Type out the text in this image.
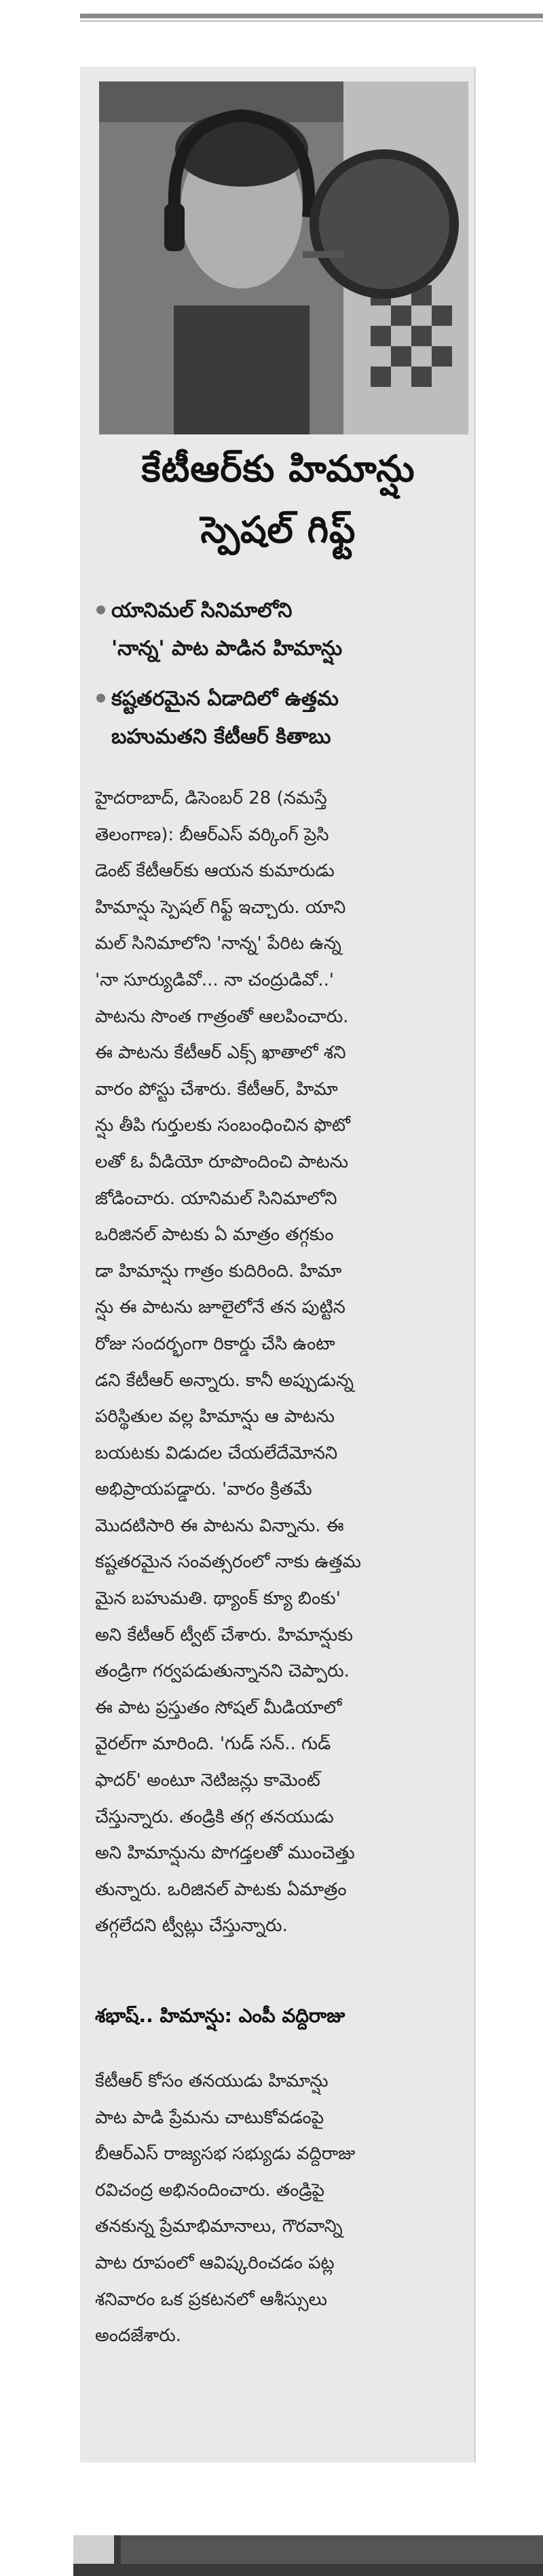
కేటీఆర్‌కు హిమాన్షు
స్పెషల్ గిఫ్ట్
యానిమల్ సినిమాలోని
'నాన్న' పాట పాడిన హిమాన్షు
కష్టతరమైన ఏడాదిలో ఉత్తమ
బహుమతని కేటీఆర్ కితాబు

హైదరాబాద్, డిసెంబర్ 28 (నమస్తే

తెలంగాణ): బీఆర్‌ఎస్ వర్కింగ్ ప్రెసి

డెంట్ కేటీఆర్‌కు ఆయన కుమారుడు

హిమాన్షు స్పెషల్ గిఫ్ట్ ఇచ్చారు. యాని

మల్ సినిమాలోని 'నాన్న' పేరిట ఉన్న

'నా సూర్యుడివో... నా చంద్రుడివో..'

పాటను సొంత గాత్రంతో ఆలపించారు.

ఈ పాటను కేటీఆర్ ఎక్స్ ఖాతాలో శని

వారం పోస్టు చేశారు. కేటీఆర్, హిమా

న్షు తీపి గుర్తులకు సంబంధించిన ఫొటో

లతో ఓ వీడియో రూపొందించి పాటను

జోడించారు. యానిమల్ సినిమాలోని

ఒరిజినల్ పాటకు ఏ మాత్రం తగ్గకుం

డా హిమాన్షు గాత్రం కుదిరింది. హిమా

న్షు ఈ పాటను జూలైలోనే తన పుట్టిన

రోజు సందర్భంగా రికార్డు చేసి ఉంటా

డని కేటీఆర్ అన్నారు. కానీ అప్పుడున్న

పరిస్థితుల వల్ల హిమాన్షు ఆ పాటను

బయటకు విడుదల చేయలేదేమోనని

అభిప్రాయపడ్డారు. 'వారం క్రితమే

మొదటిసారి ఈ పాటను విన్నాను. ఈ

కష్టతరమైన సంవత్సరంలో నాకు ఉత్తమ

మైన బహుమతి. థ్యాంక్ క్యూ బింకు'

అని కేటీఆర్ ట్వీట్ చేశారు. హిమాన్షుకు

తండ్రిగా గర్వపడుతున్నానని చెప్పారు.

ఈ పాట ప్రస్తుతం సోషల్ మీడియాలో

వైరల్‌గా మారింది. 'గుడ్ సన్.. గుడ్

ఫాదర్' అంటూ నెటిజన్లు కామెంట్

చేస్తున్నారు. తండ్రికి తగ్గ తనయుడు

అని హిమాన్షును పొగడ్తలతో ముంచెత్తు

తున్నారు. ఒరిజినల్ పాటకు ఏమాత్రం

తగ్గలేదని ట్వీట్లు చేస్తున్నారు.

శభాష్.. హిమాన్షు: ఎంపీ వద్దిరాజు

కేటీఆర్ కోసం తనయుడు హిమాన్షు

పాట పాడి ప్రేమను చాటుకోవడంపై

బీఆర్‌ఎస్ రాజ్యసభ సభ్యుడు వద్దిరాజు

రవిచంద్ర అభినందించారు. తండ్రిపై

తనకున్న ప్రేమాభిమానాలు, గౌరవాన్ని

పాట రూపంలో ఆవిష్కరించడం పట్ల

శనివారం ఒక ప్రకటనలో ఆశీస్సులు

అందజేశారు.
